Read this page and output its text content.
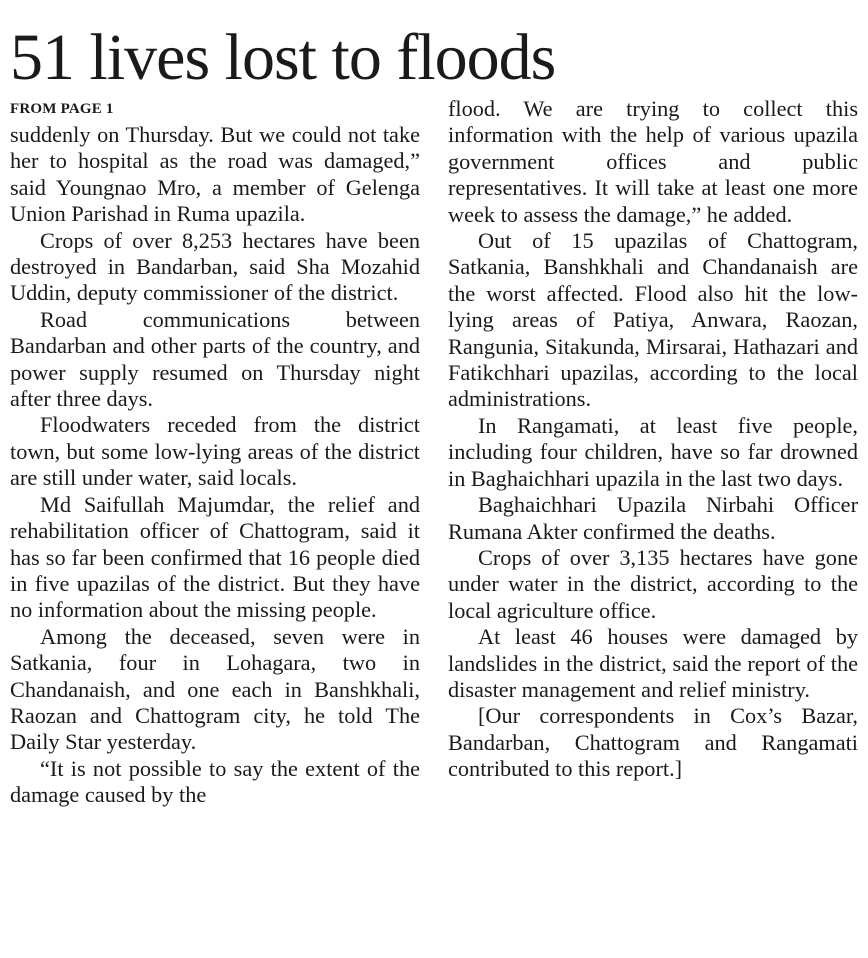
51 lives lost to floods
FROM PAGE 1

suddenly on Thursday. But we could not take her to hospital as the road was damaged,” said Youngnao Mro, a member of Gelenga Union Parishad in Ruma upazila.

Crops of over 8,253 hectares have been destroyed in Bandarban, said Sha Mozahid Uddin, deputy commissioner of the district.

Road communications between Bandarban and other parts of the country, and power supply resumed on Thursday night after three days.

Floodwaters receded from the district town, but some low-lying areas of the district are still under water, said locals.

Md Saifullah Majumdar, the relief and rehabilitation officer of Chattogram, said it has so far been confirmed that 16 people died in five upazilas of the district. But they have no information about the missing people.

Among the deceased, seven were in Satkania, four in Lohagara, two in Chandanaish, and one each in Banshkhali, Raozan and Chattogram city, he told The Daily Star yesterday.

“It is not possible to say the extent of the damage caused by the

flood. We are trying to collect this information with the help of various upazila government offices and public representatives. It will take at least one more week to assess the damage,” he added.

Out of 15 upazilas of Chattogram, Satkania, Banshkhali and Chandanaish are the worst affected. Flood also hit the low-lying areas of Patiya, Anwara, Raozan, Rangunia, Sitakunda, Mirsarai, Hathazari and Fatikchhari upazilas, according to the local administrations.

In Rangamati, at least five people, including four children, have so far drowned in Baghaichhari upazila in the last two days.

Baghaichhari Upazila Nirbahi Officer Rumana Akter confirmed the deaths.

Crops of over 3,135 hectares have gone under water in the district, according to the local agriculture office.

At least 46 houses were damaged by landslides in the district, said the report of the disaster management and relief ministry.

[Our correspondents in Cox’s Bazar, Bandarban, Chattogram and Rangamati contributed to this report.]
